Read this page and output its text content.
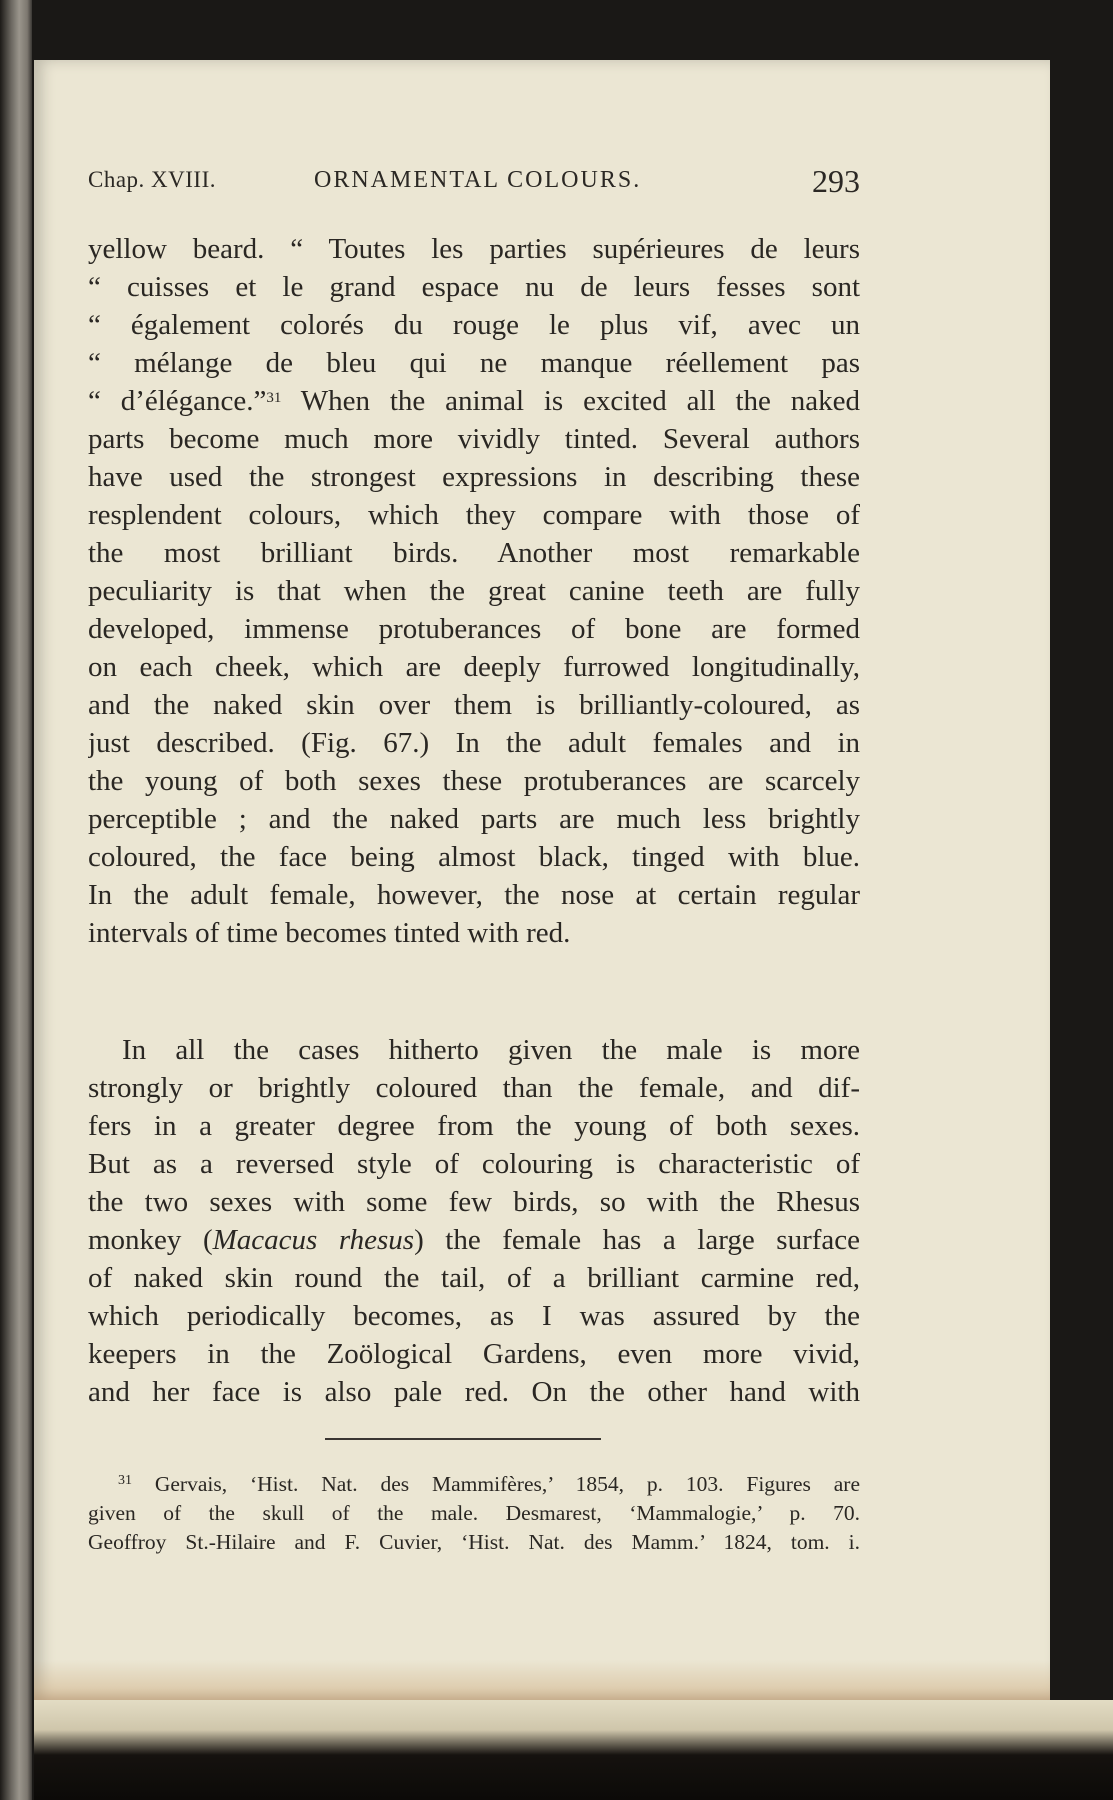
Chap. XVIII.	ORNAMENTAL COLOURS.	293
yellow beard. “ Toutes les parties supérieures de leurs
“ cuisses et le grand espace nu de leurs fesses sont
“ également colorés du rouge le plus vif, avec un
“ mélange de bleu qui ne manque réellement pas
“ d’élégance.”$^{31}$ When the animal is excited all the naked
parts become much more vividly tinted. Several authors
have used the strongest expressions in describing these
resplendent colours, which they compare with those of
the most brilliant birds. Another most remarkable
peculiarity is that when the great canine teeth are fully
developed, immense protuberances of bone are formed
on each cheek, which are deeply furrowed longitudinally,
and the naked skin over them is brilliantly-coloured, as
just described. (Fig. 67.) In the adult females and in
the young of both sexes these protuberances are scarcely
perceptible ; and the naked parts are much less brightly
coloured, the face being almost black, tinged with blue.
In the adult female, however, the nose at certain regular
intervals of time becomes tinted with red.
In all the cases hitherto given the male is more
strongly or brightly coloured than the female, and dif-
fers in a greater degree from the young of both sexes.
But as a reversed style of colouring is characteristic of
the two sexes with some few birds, so with the Rhesus
monkey (Macacus rhesus) the female has a large surface
of naked skin round the tail, of a brilliant carmine red,
which periodically becomes, as I was assured by the
keepers in the Zoölogical Gardens, even more vivid,
and her face is also pale red. On the other hand with
$^{31}$ Gervais, ‘Hist. Nat. des Mammifères,’ 1854, p. 103. Figures are
given of the skull of the male. Desmarest, ‘Mammalogie,’ p. 70.
Geoffroy St.-Hilaire and F. Cuvier, ‘Hist. Nat. des Mamm.’ 1824, tom. i.
